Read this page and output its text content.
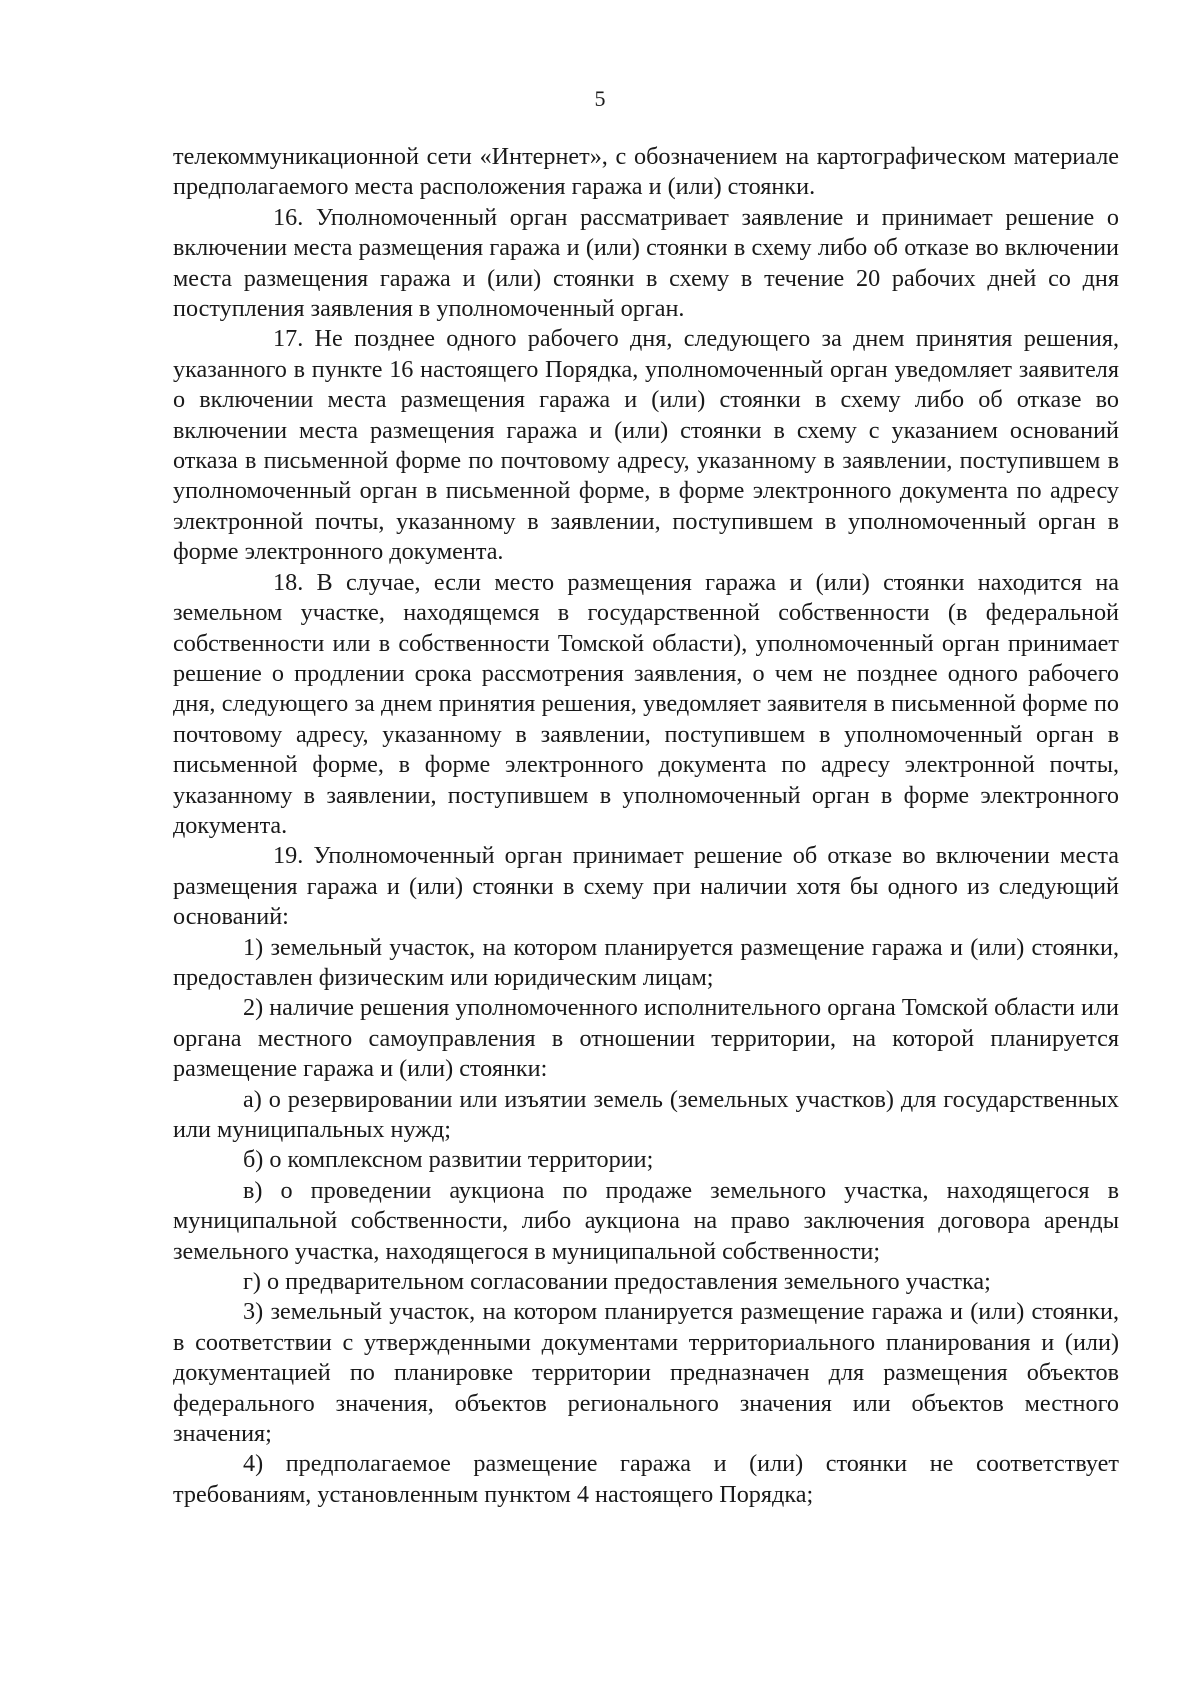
5

телекоммуникационной сети «Интернет», с обозначением на картографическом материале предполагаемого места расположения гаража и (или) стоянки.

16. Уполномоченный орган рассматривает заявление и принимает решение о включении места размещения гаража и (или) стоянки в схему либо об отказе во включении места размещения гаража и (или) стоянки в схему в течение 20 рабочих дней со дня поступления заявления в уполномоченный орган.

17. Не позднее одного рабочего дня, следующего за днем принятия решения, указанного в пункте 16 настоящего Порядка, уполномоченный орган уведомляет заявителя о включении места размещения гаража и (или) стоянки в схему либо об отказе во включении места размещения гаража и (или) стоянки в схему с указанием оснований отказа в письменной форме по почтовому адресу, указанному в заявлении, поступившем в уполномоченный орган в письменной форме, в форме электронного документа по адресу электронной почты, указанному в заявлении, поступившем в уполномоченный орган в форме электронного документа.

18. В случае, если место размещения гаража и (или) стоянки находится на земельном участке, находящемся в государственной собственности (в федеральной собственности или в собственности Томской области), уполномоченный орган принимает решение о продлении срока рассмотрения заявления, о чем не позднее одного рабочего дня, следующего за днем принятия решения, уведомляет заявителя в письменной форме по почтовому адресу, указанному в заявлении, поступившем в уполномоченный орган в письменной форме, в форме электронного документа по адресу электронной почты, указанному в заявлении, поступившем в уполномоченный орган в форме электронного документа.

19. Уполномоченный орган принимает решение об отказе во включении места размещения гаража и (или) стоянки в схему при наличии хотя бы одного из следующий оснований:

1) земельный участок, на котором планируется размещение гаража и (или) стоянки, предоставлен физическим или юридическим лицам;

2) наличие решения уполномоченного исполнительного органа Томской области или органа местного самоуправления в отношении территории, на которой планируется размещение гаража и (или) стоянки:

а) о резервировании или изъятии земель (земельных участков) для государственных или муниципальных нужд;

б) о комплексном развитии территории;

в) о проведении аукциона по продаже земельного участка, находящегося в муниципальной собственности, либо аукциона на право заключения договора аренды земельного участка, находящегося в муниципальной собственности;

г) о предварительном согласовании предоставления земельного участка;

3) земельный участок, на котором планируется размещение гаража и (или) стоянки, в соответствии с утвержденными документами территориального планирования и (или) документацией по планировке территории предназначен для размещения объектов федерального значения, объектов регионального значения или объектов местного значения;

4) предполагаемое размещение гаража и (или) стоянки не соответствует требованиям, установленным пунктом 4 настоящего Порядка;
